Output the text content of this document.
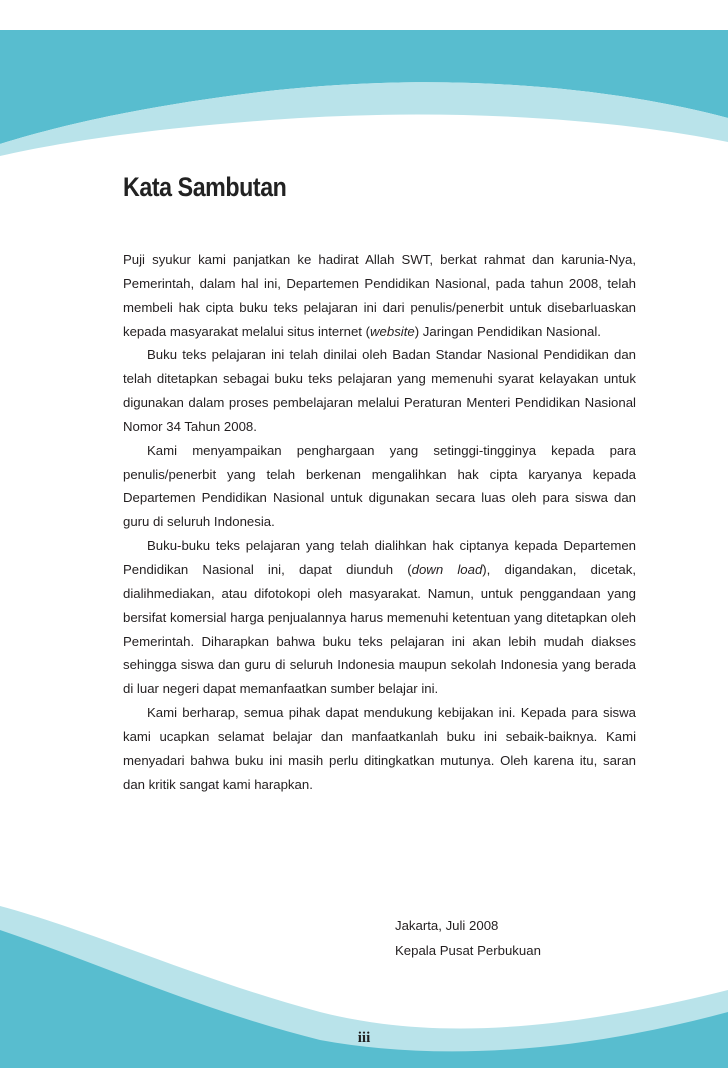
Kata Sambutan

Puji syukur kami panjatkan ke hadirat Allah SWT, berkat rahmat dan karunia-Nya, Pemerintah, dalam hal ini, Departemen Pendidikan Nasional, pada tahun 2008, telah membeli hak cipta buku teks pelajaran ini dari penulis/penerbit untuk disebarluaskan kepada masyarakat melalui situs internet (website) Jaringan Pendidikan Nasional.

Buku teks pelajaran ini telah dinilai oleh Badan Standar Nasional Pendidikan dan telah ditetapkan sebagai buku teks pelajaran yang memenuhi syarat kelayakan untuk digunakan dalam proses pembelajaran melalui Peraturan Menteri Pendidikan Nasional Nomor 34 Tahun 2008.

Kami menyampaikan penghargaan yang setinggi-tingginya kepada para penulis/penerbit yang telah berkenan mengalihkan hak cipta karyanya kepada Departemen Pendidikan Nasional untuk digunakan secara luas oleh para siswa dan guru di seluruh Indonesia.

Buku-buku teks pelajaran yang telah dialihkan hak ciptanya kepada Departemen Pendidikan Nasional ini, dapat diunduh (down load), digandakan, dicetak, dialihmediakan, atau difotokopi oleh masyarakat. Namun, untuk penggandaan yang bersifat komersial harga penjualannya harus memenuhi ketentuan yang ditetapkan oleh Pemerintah. Diharapkan bahwa buku teks pelajaran ini akan lebih mudah diakses sehingga siswa dan guru di seluruh Indonesia maupun sekolah Indonesia yang berada di luar negeri dapat memanfaatkan sumber belajar ini.

Kami berharap, semua pihak dapat mendukung kebijakan ini. Kepada para siswa kami ucapkan selamat belajar dan manfaatkanlah buku ini sebaik-baiknya. Kami menyadari bahwa buku ini masih perlu ditingkatkan mutunya. Oleh karena itu, saran dan kritik sangat kami harapkan.

Jakarta, Juli 2008
Kepala Pusat Perbukuan
iii
